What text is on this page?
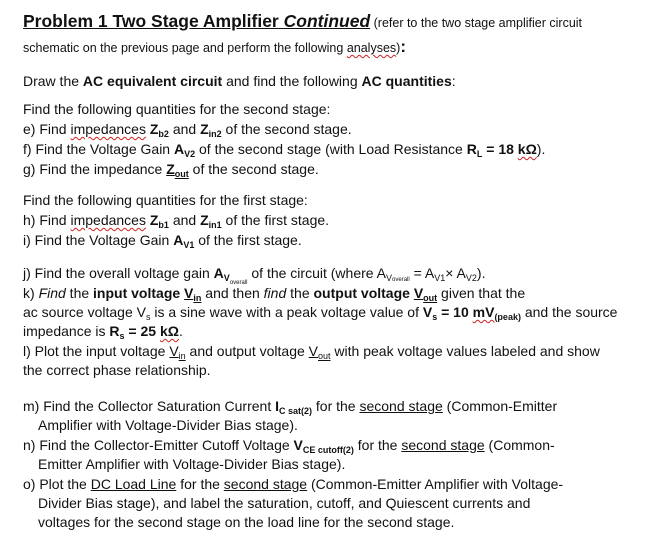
Problem 1 Two Stage Amplifier Continued (refer to the two stage amplifier circuit
schematic on the previous page and perform the following analyses):
Draw the AC equivalent circuit and find the following AC quantities:
Find the following quantities for the second stage:
e) Find impedances $Z_{b2}$ and $Z_{in2}$ of the second stage.
f) Find the Voltage Gain $A_{V2}$ of the second stage (with Load Resistance $R_L = 18$ kΩ).
g) Find the impedance $Z_{out}$ of the second stage.
Find the following quantities for the first stage:
h) Find impedances $Z_{b1}$ and $Z_{in1}$ of the first stage.
i) Find the Voltage Gain $A_{V1}$ of the first stage.
j) Find the overall voltage gain $A_{V_{overall}}$ of the circuit (where $A_{Voverall} = A_{V1}\times A_{V2}$).
k) Find the input voltage $V_{in}$ and then find the output voltage $V_{out}$ given that the
ac source voltage $V_s$ is a sine wave with a peak voltage value of $V_s = 10$ $mV_{(peak)}$ and the source
impedance is $R_s = 25$ kΩ.
l) Plot the input voltage $V_{in}$ and output voltage $V_{out}$ with peak voltage values labeled and show
the correct phase relationship.
m) Find the Collector Saturation Current $I_{C sat(2)}$ for the second stage (Common-Emitter
Amplifier with Voltage-Divider Bias stage).
n) Find the Collector-Emitter Cutoff Voltage $V_{CE cutoff(2)}$ for the second stage (Common-
Emitter Amplifier with Voltage-Divider Bias stage).
o) Plot the DC Load Line for the second stage (Common-Emitter Amplifier with Voltage-
Divider Bias stage), and label the saturation, cutoff, and Quiescent currents and
voltages for the second stage on the load line for the second stage.
